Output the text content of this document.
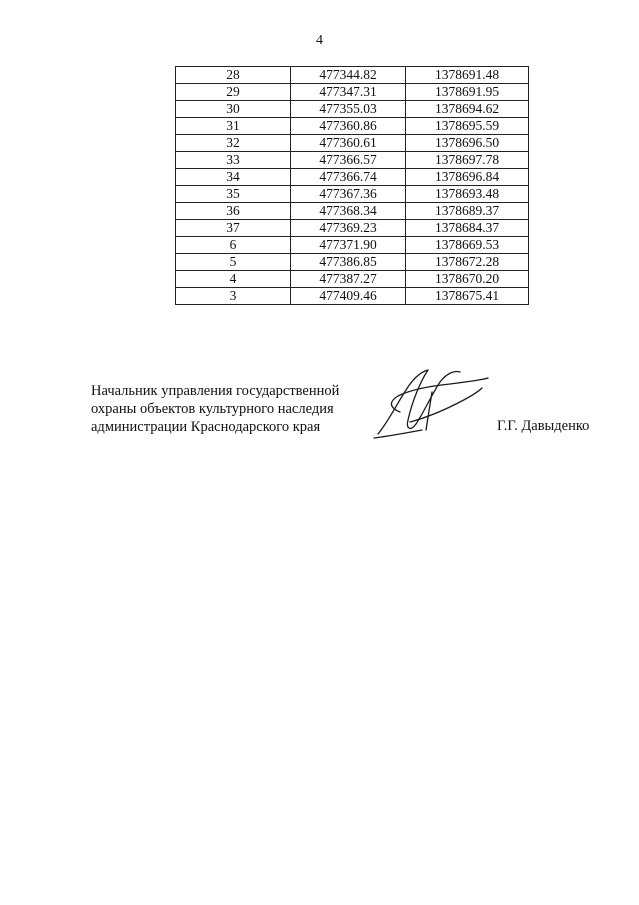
4
28	477344.82	1378691.48
29	477347.31	1378691.95
30	477355.03	1378694.62
31	477360.86	1378695.59
32	477360.61	1378696.50
33	477366.57	1378697.78
34	477366.74	1378696.84
35	477367.36	1378693.48
36	477368.34	1378689.37
37	477369.23	1378684.37
6	477371.90	1378669.53
5	477386.85	1378672.28
4	477387.27	1378670.20
3	477409.46	1378675.41
Начальник управления государственной
охраны объектов культурного наследия
администрации Краснодарского края	Г.Г. Давыденко
